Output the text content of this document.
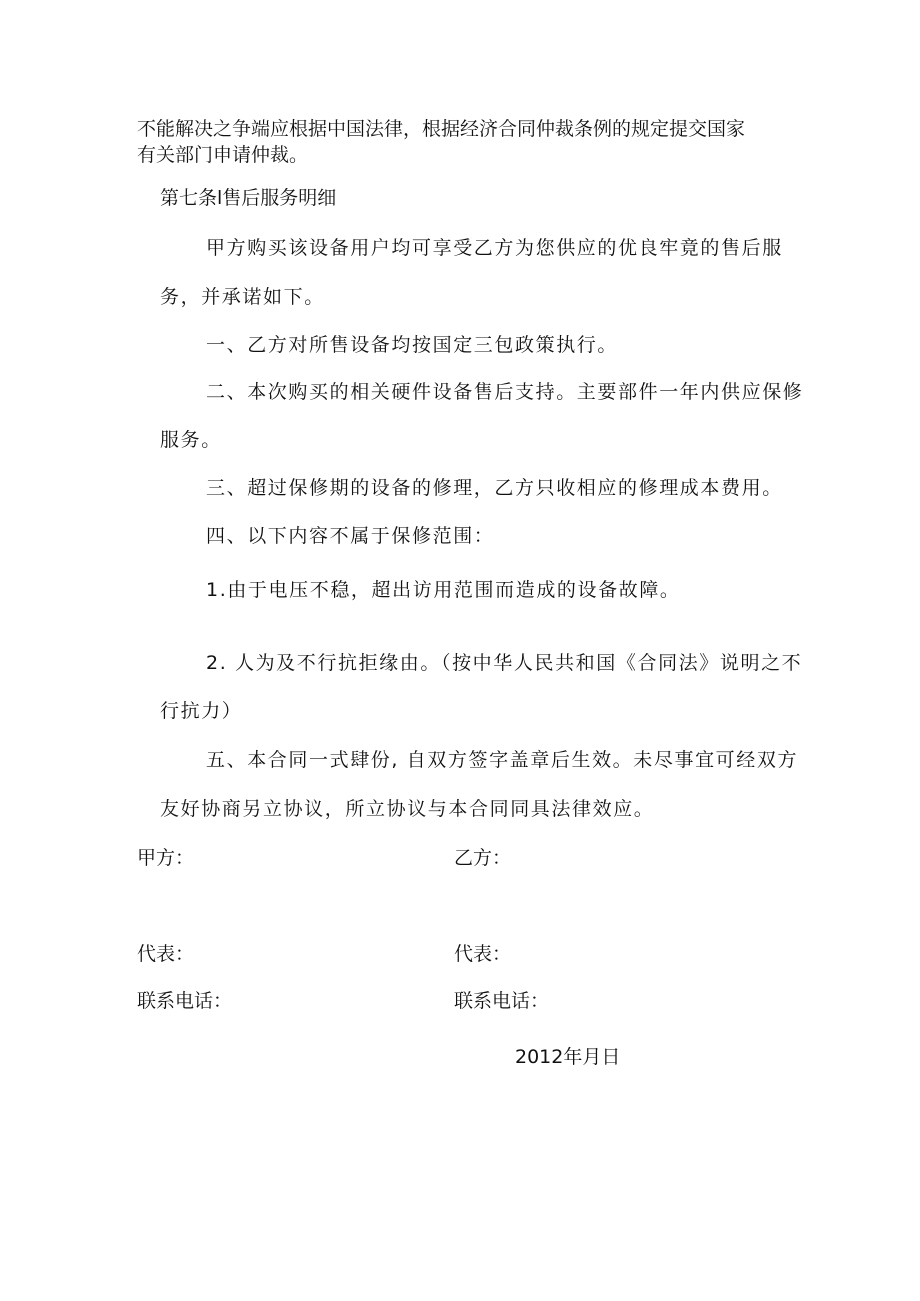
不能解决之争端应根据中国法律，根据经济合同仲裁条例的规定提交国家
有关部门申请仲裁。
第七条l售后服务明细
甲方购买该设备用户均可享受乙方为您供应的优良牢竟的售后服
务，并承诺如下。
一、乙方对所售设备均按国定三包政策执行。
二、本次购买的相关硬件设备售后支持。主要部件一年内供应保修
服务。
三、超过保修期的设备的修理，乙方只收相应的修理成本费用。
四、以下内容不属于保修范围：
1.由于电压不稳，超出访用范围而造成的设备故障。
2. 人为及不行抗拒缘由。（按中华人民共和国《合同法》说明之不
行抗力）
五、本合同一式肆份, 自双方签字盖章后生效。未尽事宜可经双方
友好协商另立协议，所立协议与本合同同具法律效应。
甲方：	乙方：
代表：	代表：
联系电话：	联系电话：
2012年月日
